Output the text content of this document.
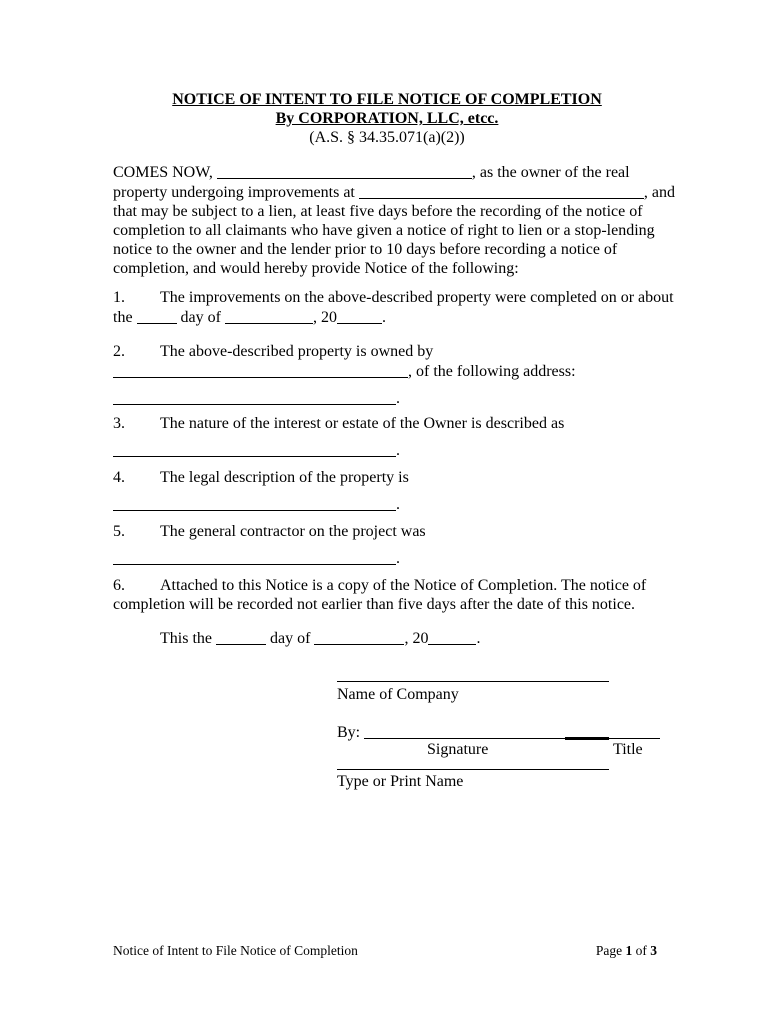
NOTICE OF INTENT TO FILE NOTICE OF COMPLETION
By CORPORATION, LLC, etcc.
(A.S. § 34.35.071(a)(2))
COMES NOW,	, as the owner of the real
property undergoing improvements at	, and
that may be subject to a lien, at least five days before the recording of the notice of
completion to all claimants who have given a notice of right to lien or a stop-lending
notice to the owner and the lender prior to 10 days before recording a notice of
completion, and would hereby provide Notice of the following:
1. The improvements on the above-described property were completed on or about
the	day of	, 20	.
2. The above-described property is owned by
, of the following address:
.
3. The nature of the interest or estate of the Owner is described as
.
4. The legal description of the property is
.
5. The general contractor on the project was
.
6. Attached to this Notice is a copy of the Notice of Completion. The notice of
completion will be recorded not earlier than five days after the date of this notice.
This the	day of	, 20	.
Name of Company
By:
Signature	Title
Type or Print Name
Notice of Intent to File Notice of Completion	Page 1 of 3
